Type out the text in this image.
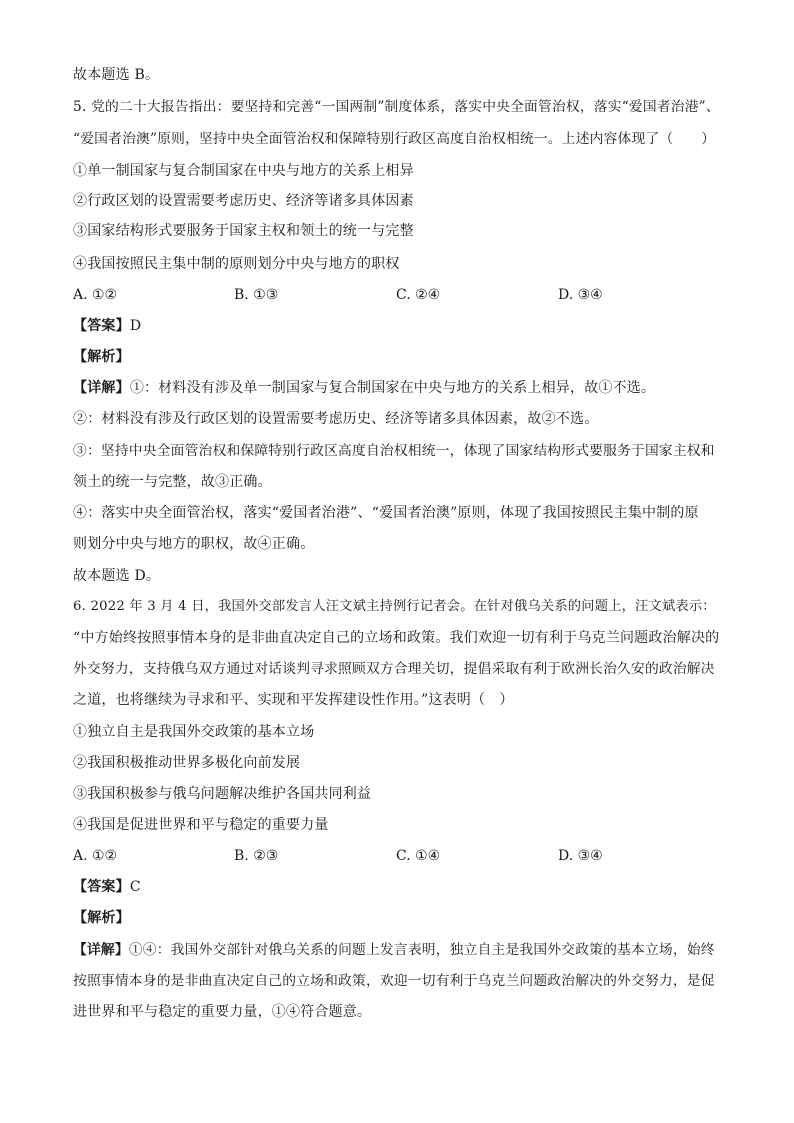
故本题选 B。
5. 党的二十大报告指出：要坚持和完善“一国两制”制度体系，落实中央全面管治权，落实“爱国者治港”、
“爱国者治澳”原则，坚持中央全面管治权和保障特别行政区高度自治权相统一。上述内容体现了（　　）
①单一制国家与复合制国家在中央与地方的关系上相异
②行政区划的设置需要考虑历史、经济等诸多具体因素
③国家结构形式要服务于国家主权和领土的统一与完整
④我国按照民主集中制的原则划分中央与地方的职权
A. ①②	B. ①③	C. ②④	D. ③④
【答案】D
【解析】
【详解】①：材料没有涉及单一制国家与复合制国家在中央与地方的关系上相异，故①不选。
②：材料没有涉及行政区划的设置需要考虑历史、经济等诸多具体因素，故②不选。
③：坚持中央全面管治权和保障特别行政区高度自治权相统一，体现了国家结构形式要服务于国家主权和
领土的统一与完整，故③正确。
④：落实中央全面管治权，落实“爱国者治港”、“爱国者治澳”原则，体现了我国按照民主集中制的原
则划分中央与地方的职权，故④正确。
故本题选 D。
6. 2022 年 3 月 4 日，我国外交部发言人汪文斌主持例行记者会。在针对俄乌关系的问题上，汪文斌表示：
“中方始终按照事情本身的是非曲直决定自己的立场和政策。我们欢迎一切有利于乌克兰问题政治解决的
外交努力，支持俄乌双方通过对话谈判寻求照顾双方合理关切，提倡采取有利于欧洲长治久安的政治解决
之道，也将继续为寻求和平、实现和平发挥建设性作用。”这表明（　）
①独立自主是我国外交政策的基本立场
②我国积极推动世界多极化向前发展
③我国积极参与俄乌问题解决维护各国共同利益
④我国是促进世界和平与稳定的重要力量
A. ①②	B. ②③	C. ①④	D. ③④
【答案】C
【解析】
【详解】①④：我国外交部针对俄乌关系的问题上发言表明，独立自主是我国外交政策的基本立场，始终
按照事情本身的是非曲直决定自己的立场和政策，欢迎一切有利于乌克兰问题政治解决的外交努力，是促
进世界和平与稳定的重要力量，①④符合题意。
